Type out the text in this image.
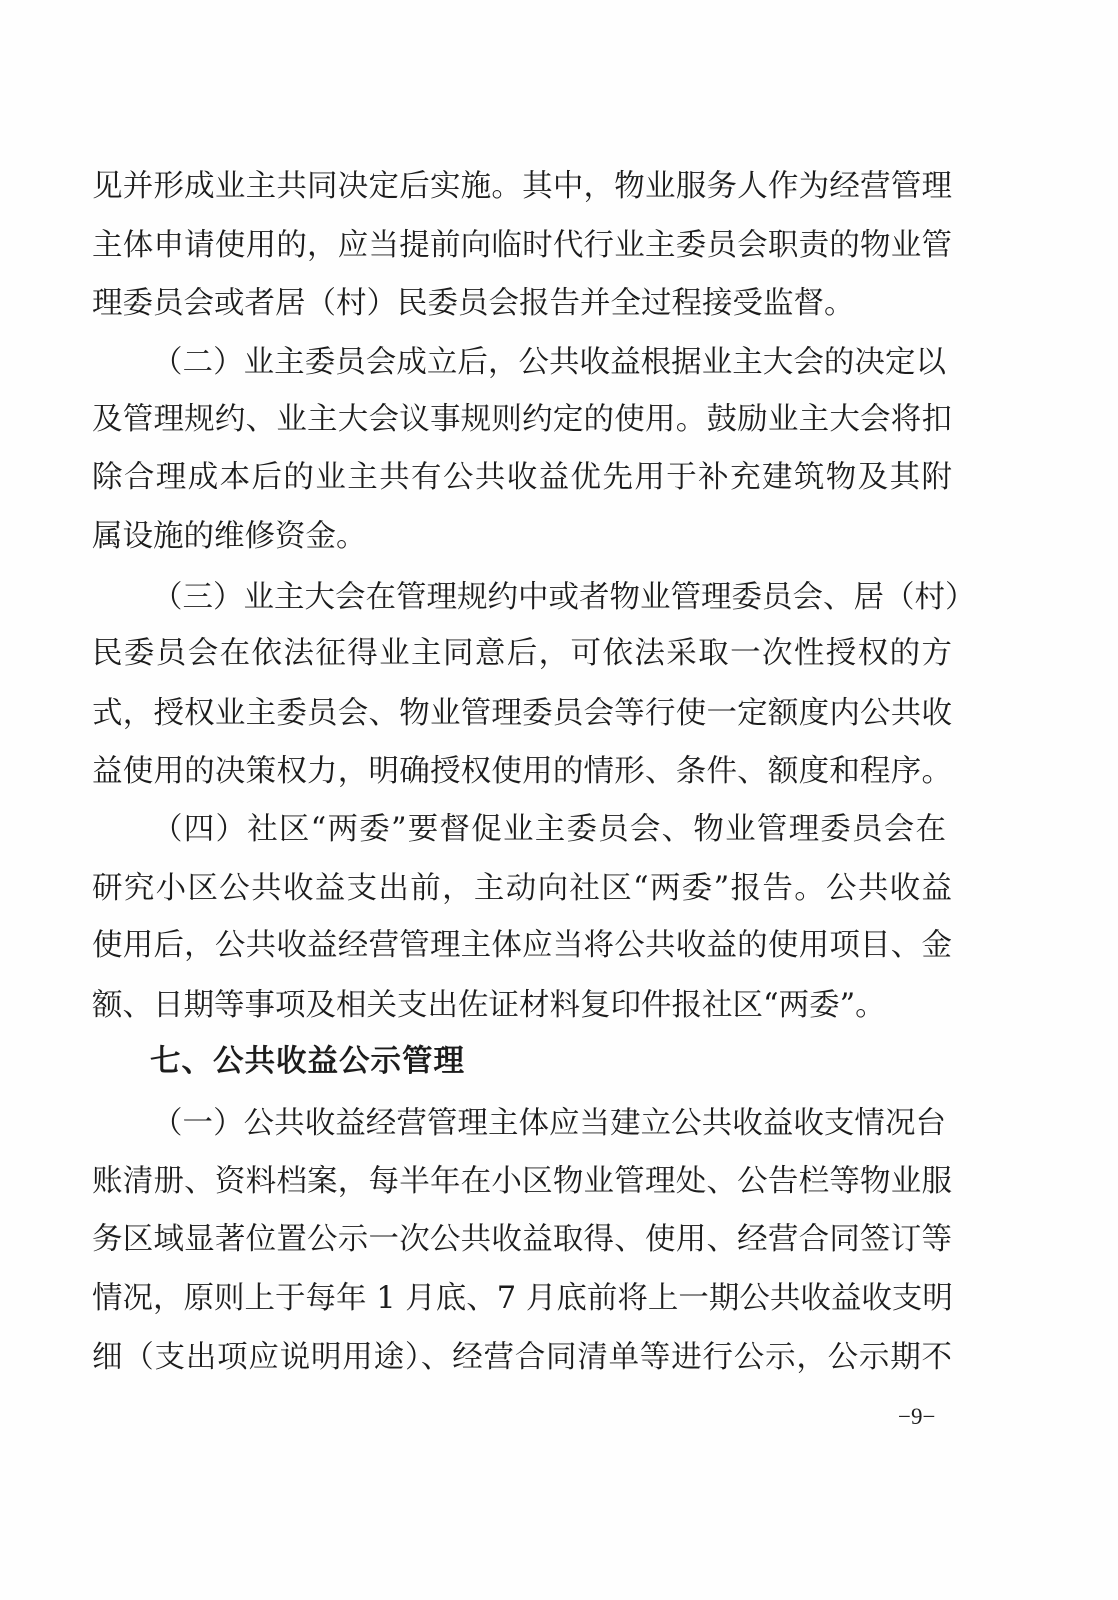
见并形成业主共同决定后实施。其中，物业服务人作为经营管理
主体申请使用的，应当提前向临时代行业主委员会职责的物业管
理委员会或者居（村）民委员会报告并全过程接受监督。
（二）业主委员会成立后，公共收益根据业主大会的决定以
及管理规约、业主大会议事规则约定的使用。鼓励业主大会将扣
除合理成本后的业主共有公共收益优先用于补充建筑物及其附
属设施的维修资金。
（三）业主大会在管理规约中或者物业管理委员会、居（村）
民委员会在依法征得业主同意后，可依法采取一次性授权的方
式，授权业主委员会、物业管理委员会等行使一定额度内公共收
益使用的决策权力，明确授权使用的情形、条件、额度和程序。
（四）社区“两委”要督促业主委员会、物业管理委员会在
研究小区公共收益支出前，主动向社区“两委”报告。公共收益
使用后，公共收益经营管理主体应当将公共收益的使用项目、金
额、日期等事项及相关支出佐证材料复印件报社区“两委”。
七、公共收益公示管理
（一）公共收益经营管理主体应当建立公共收益收支情况台
账清册、资料档案，每半年在小区物业管理处、公告栏等物业服
务区域显著位置公示一次公共收益取得、使用、经营合同签订等
情况，原则上于每年 1 月底、7 月底前将上一期公共收益收支明
细（支出项应说明用途）、经营合同清单等进行公示，公示期不
−9−
